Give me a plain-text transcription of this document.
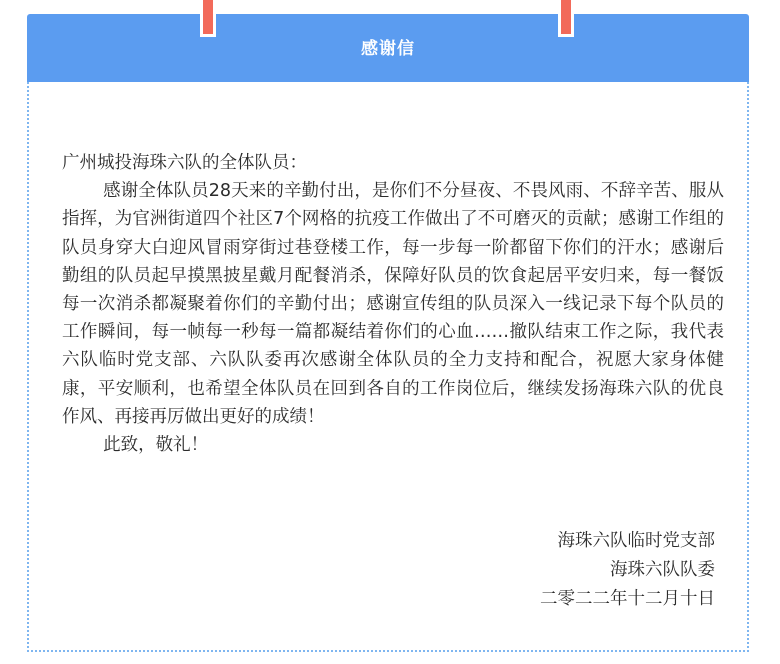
感谢信

广州城投海珠六队的全体队员：

感谢全体队员28天来的辛勤付出，是你们不分昼夜、不畏风雨、不辞辛苦、服从指挥，为官洲街道四个社区7个网格的抗疫工作做出了不可磨灭的贡献；感谢工作组的队员身穿大白迎风冒雨穿街过巷登楼工作，每一步每一阶都留下你们的汗水；感谢后勤组的队员起早摸黑披星戴月配餐消杀，保障好队员的饮食起居平安归来，每一餐饭每一次消杀都凝聚着你们的辛勤付出；感谢宣传组的队员深入一线记录下每个队员的工作瞬间，每一帧每一秒每一篇都凝结着你们的心血……撤队结束工作之际，我代表六队临时党支部、六队队委再次感谢全体队员的全力支持和配合，祝愿大家身体健康，平安顺利，也希望全体队员在回到各自的工作岗位后，继续发扬海珠六队的优良作风、再接再厉做出更好的成绩！

此致，敬礼！

海珠六队临时党支部
海珠六队队委
二零二二年十二月十日
